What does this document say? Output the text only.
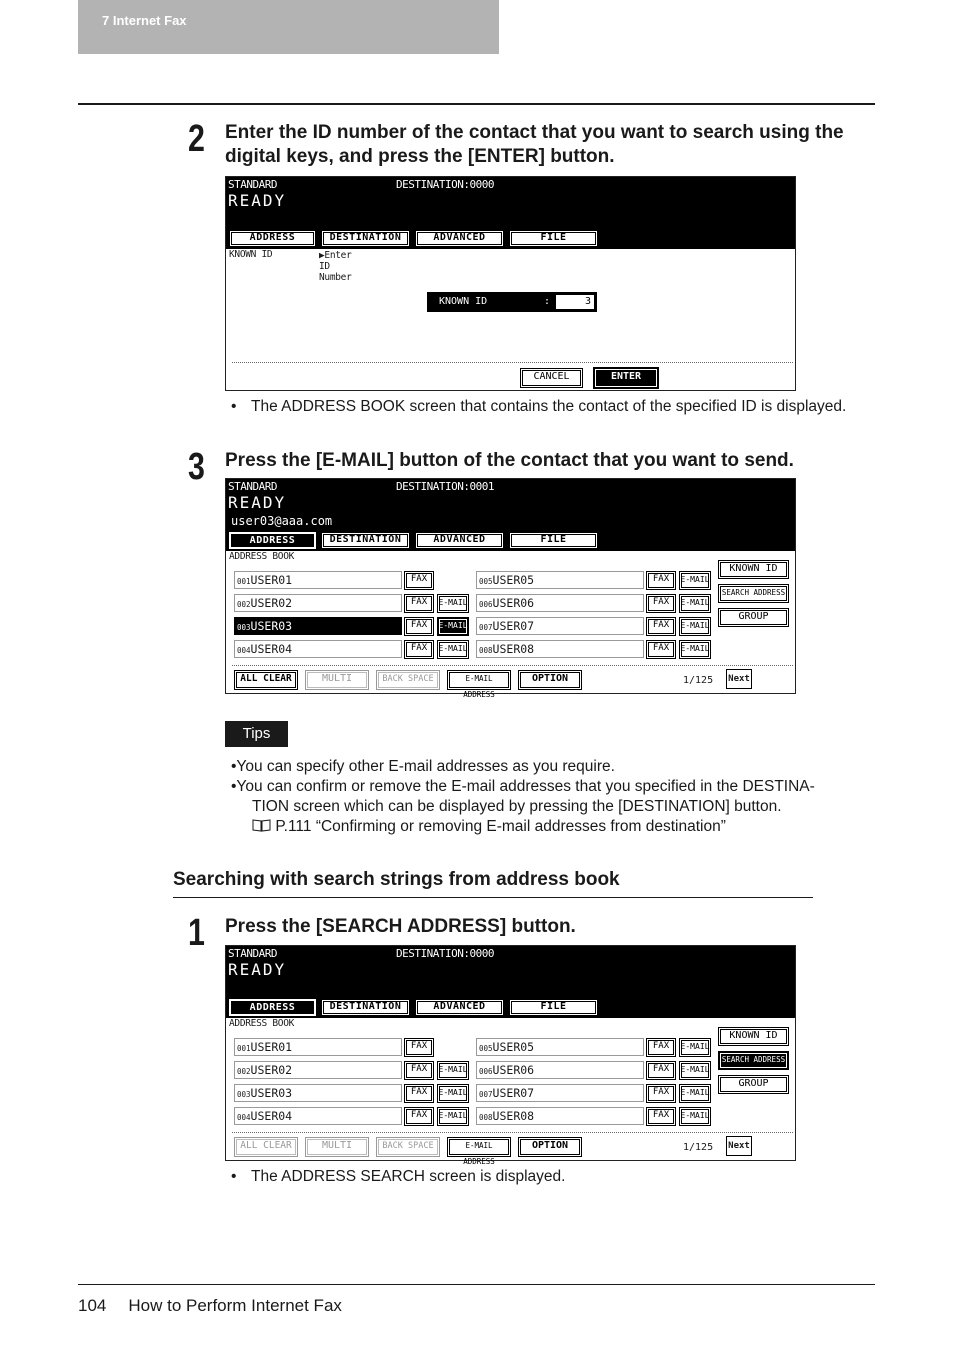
7 Internet Fax
2 Enter the ID number of the contact that you want to search using the digital keys, and press the [ENTER] button.
STANDARD	DESTINATION:0000
READY
ADDRESS	DESTINATION	ADVANCED	FILE
KNOWN ID	▶Enter ID Number
KNOWN ID	:	3
CANCEL	ENTER
• The ADDRESS BOOK screen that contains the contact of the specified ID is displayed.
3 Press the [E-MAIL] button of the contact that you want to send.
STANDARD	DESTINATION:0001
READY
user03@aaa.com
ADDRESS	DESTINATION	ADVANCED	FILE
ADDRESS BOOK
001USER01	FAX
002USER02	FAX	E-MAIL
003USER03	FAX	E-MAIL
004USER04	FAX	E-MAIL
005USER05	FAX	E-MAIL
006USER06	FAX	E-MAIL
007USER07	FAX	E-MAIL
008USER08	FAX	E-MAIL
KNOWN ID
SEARCH ADDRESS
GROUP
ALL CLEAR	MULTI	BACK SPACE	E-MAIL ADDRESS
OPTION	1/125 Next
Tips
•You can specify other E-mail addresses as you require.
•You can confirm or remove the E-mail addresses that you specified in the DESTINA-
TION screen which can be displayed by pressing the [DESTINATION] button.
P.111 “Confirming or removing E-mail addresses from destination”
Searching with search strings from address book
1 Press the [SEARCH ADDRESS] button.
STANDARD	DESTINATION:0000
READY
ADDRESS	DESTINATION	ADVANCED	FILE
ADDRESS BOOK
001USER01	FAX
002USER02	FAX	E-MAIL
003USER03	FAX	E-MAIL
004USER04	FAX	E-MAIL
005USER05	FAX	E-MAIL
006USER06	FAX	E-MAIL
007USER07	FAX	E-MAIL
008USER08	FAX	E-MAIL
KNOWN ID
SEARCH ADDRESS
GROUP
ALL CLEAR	MULTI	BACK SPACE	E-MAIL ADDRESS
OPTION	1/125 Next
• The ADDRESS SEARCH screen is displayed.
104 How to Perform Internet Fax
